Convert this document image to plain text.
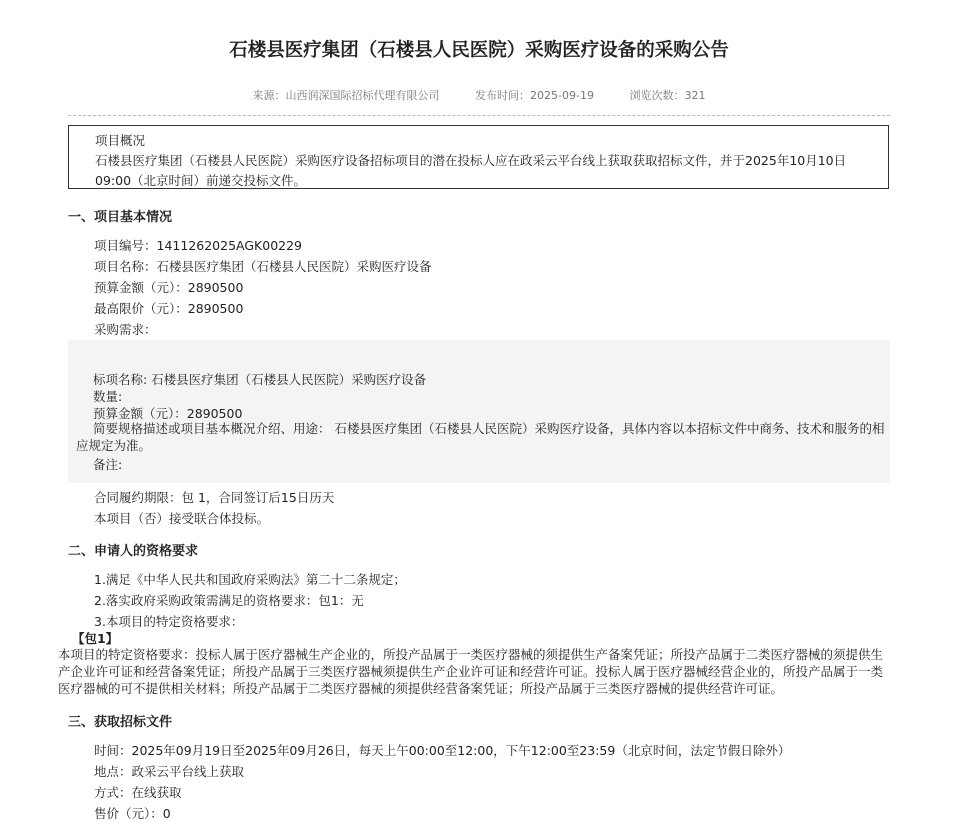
石楼县医疗集团（石楼县人民医院）采购医疗设备的采购公告
来源：山西润深国际招标代理有限公司	发布时间：2025-09-19	浏览次数：321
项目概况
石楼县医疗集团（石楼县人民医院）采购医疗设备招标项目的潜在投标人应在政采云平台线上获取获取招标文件，并于2025年10月10日 09:00（北京时间）前递交投标文件。
一、项目基本情况
项目编号：1411262025AGK00229
项目名称：石楼县医疗集团（石楼县人民医院）采购医疗设备
预算金额（元）：2890500
最高限价（元）：2890500
采购需求：
标项名称: 石楼县医疗集团（石楼县人民医院）采购医疗设备
数量:
预算金额（元）：2890500
简要规格描述或项目基本概况介绍、用途： 石楼县医疗集团（石楼县人民医院）采购医疗设备，具体内容以本招标文件中商务、技术和服务的相应规定为准。
备注:
合同履约期限：包 1，合同签订后15日历天
本项目（否）接受联合体投标。
二、申请人的资格要求
1.满足《中华人民共和国政府采购法》第二十二条规定；
2.落实政府采购政策需满足的资格要求：包1：无
3.本项目的特定资格要求：
【包1】
本项目的特定资格要求：投标人属于医疗器械生产企业的，所投产品属于一类医疗器械的须提供生产备案凭证；所投产品属于二类医疗器械的须提供生产企业许可证和经营备案凭证；所投产品属于三类医疗器械须提供生产企业许可证和经营许可证。投标人属于医疗器械经营企业的，所投产品属于一类医疗器械的可不提供相关材料；所投产品属于二类医疗器械的须提供经营备案凭证；所投产品属于三类医疗器械的提供经营许可证。
三、获取招标文件
时间：2025年09月19日至2025年09月26日，每天上午00:00至12:00，下午12:00至23:59（北京时间，法定节假日除外）
地点：政采云平台线上获取
方式：在线获取
售价（元）：0
